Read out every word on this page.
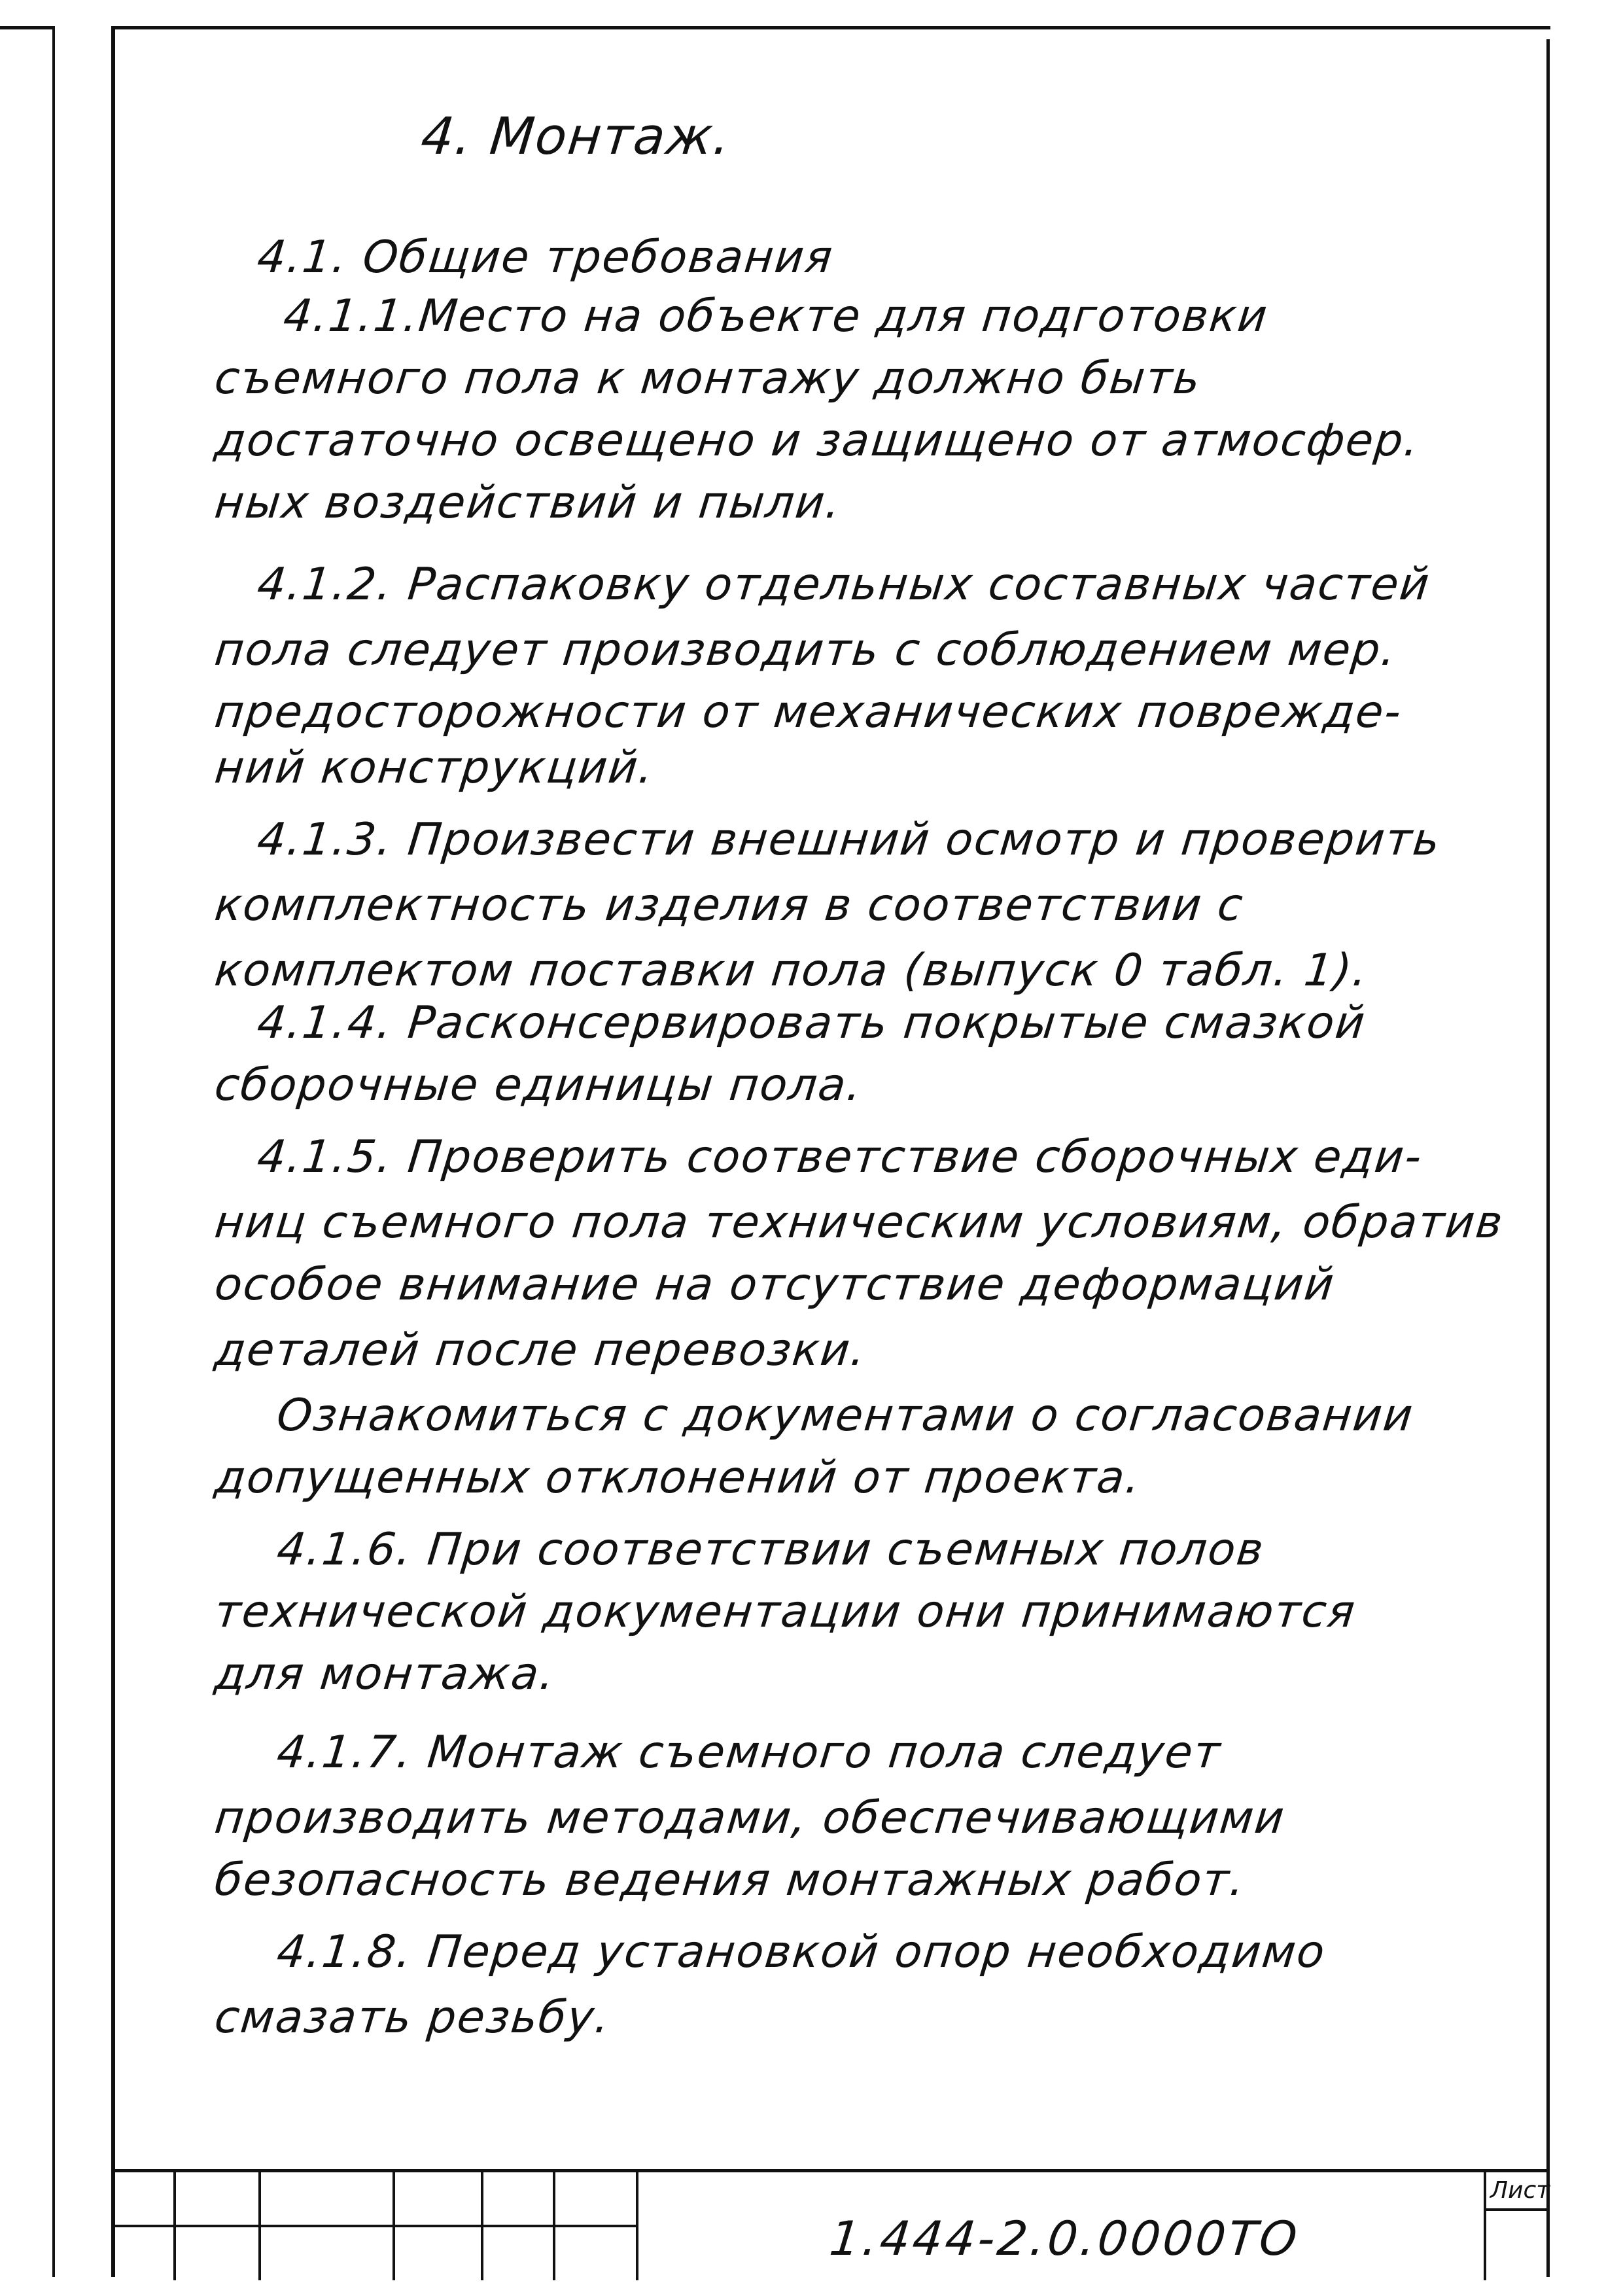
4. Монтаж.
4.1. Общие требования
4.1.1.Место на объекте для подготовки
съемного пола к монтажу должно быть
достаточно освещено и защищено от атмосфер.
ных воздействий и пыли.
4.1.2. Распаковку отдельных составных частей
пола следует производить с соблюдением мер.
предосторожности от механических поврежде-
ний конструкций.
4.1.3. Произвести внешний осмотр и проверить
комплектность изделия в соответствии с
комплектом поставки пола (выпуск 0 табл. 1).
4.1.4. Расконсервировать покрытые смазкой
сборочные единицы пола.
4.1.5. Проверить соответствие сборочных еди-
ниц съемного пола техническим условиям, обратив
особое внимание на отсутствие деформаций
деталей после перевозки.
Ознакомиться с документами о согласовании
допущенных отклонений от проекта.
4.1.6. При соответствии съемных полов
технической документации они принимаются
для монтажа.
4.1.7. Монтаж съемного пола следует
производить методами, обеспечивающими
безопасность ведения монтажных работ.
4.1.8. Перед установкой опор необходимо
смазать резьбу.
1.444-2.0.0000ТО
Лист
